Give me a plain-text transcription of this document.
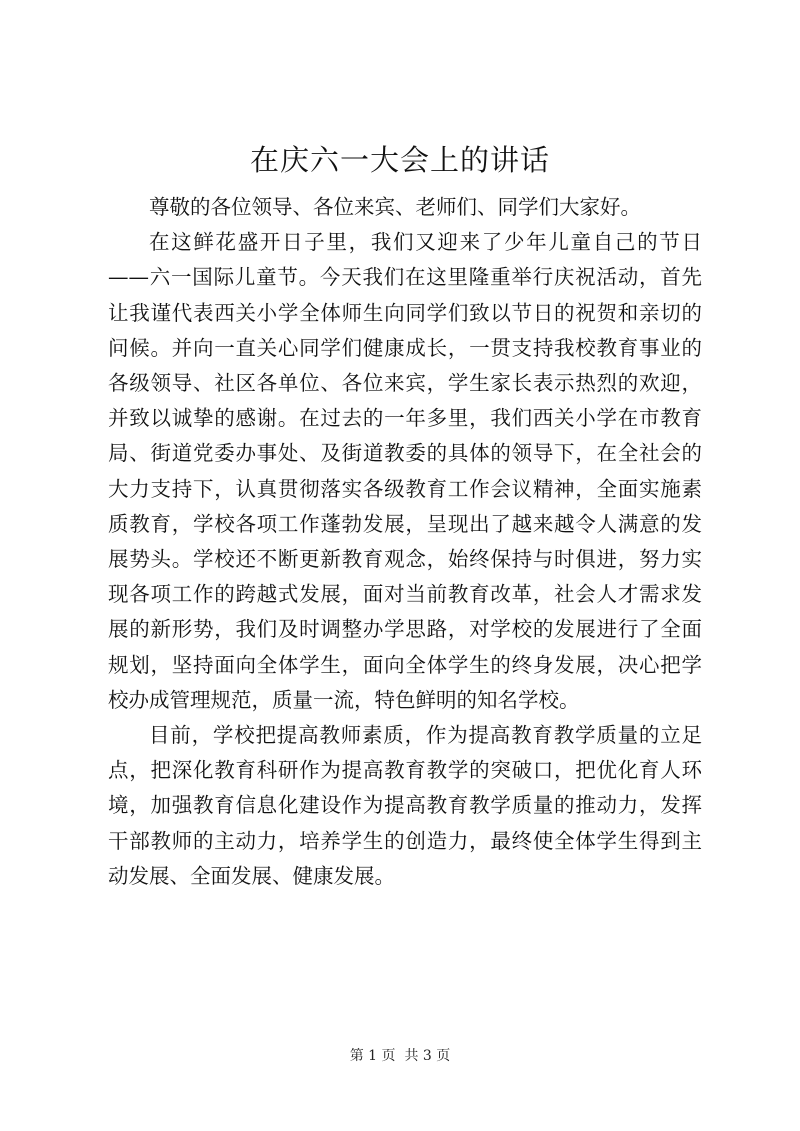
在庆六一大会上的讲话

尊敬的各位领导、各位来宾、老师们、同学们大家好。

在这鲜花盛开日子里，我们又迎来了少年儿童自己的节日——六一国际儿童节。今天我们在这里隆重举行庆祝活动，首先让我谨代表西关小学全体师生向同学们致以节日的祝贺和亲切的问候。并向一直关心同学们健康成长，一贯支持我校教育事业的各级领导、社区各单位、各位来宾，学生家长表示热烈的欢迎，并致以诚挚的感谢。在过去的一年多里，我们西关小学在市教育局、街道党委办事处、及街道教委的具体的领导下，在全社会的大力支持下，认真贯彻落实各级教育工作会议精神，全面实施素质教育，学校各项工作蓬勃发展，呈现出了越来越令人满意的发展势头。学校还不断更新教育观念，始终保持与时俱进，努力实现各项工作的跨越式发展，面对当前教育改革，社会人才需求发展的新形势，我们及时调整办学思路，对学校的发展进行了全面规划，坚持面向全体学生，面向全体学生的终身发展，决心把学校办成管理规范，质量一流，特色鲜明的知名学校。

目前，学校把提高教师素质，作为提高教育教学质量的立足点，把深化教育科研作为提高教育教学的突破口，把优化育人环境，加强教育信息化建设作为提高教育教学质量的推动力，发挥干部教师的主动力，培养学生的创造力，最终使全体学生得到主动发展、全面发展、健康发展。

第 1 页  共 3 页
